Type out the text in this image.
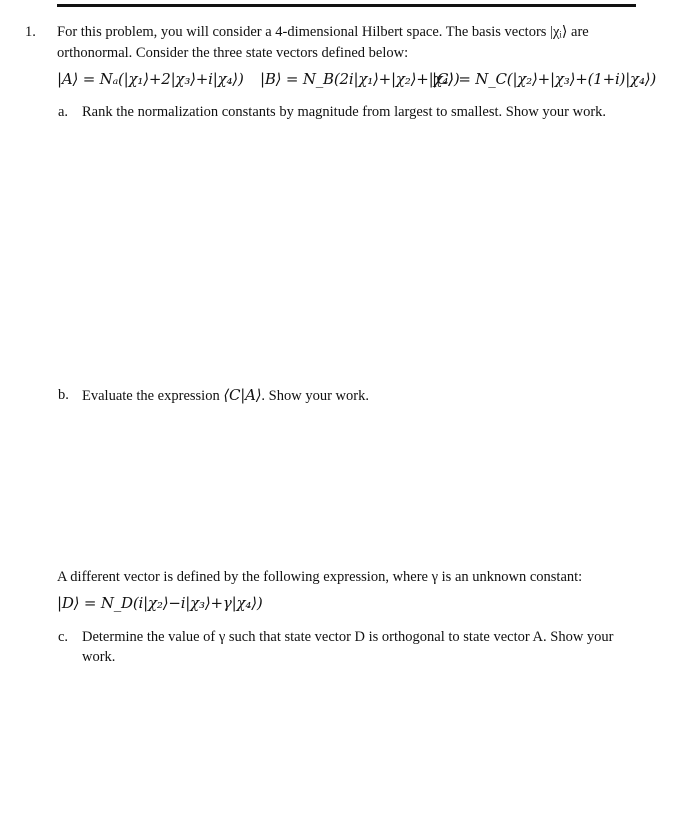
1. For this problem, you will consider a 4-dimensional Hilbert space. The basis vectors |χᵢ⟩ are
orthonormal. Consider the three state vectors defined below:
|A⟩ = Nₐ(|χ₁⟩+2|χ₃⟩+i|χ₄⟩) |B⟩ = N_B(2i|χ₁⟩+|χ₂⟩+|χ₄⟩)
|C⟩ = N_C(|χ₂⟩+|χ₃⟩+(1+i)|χ₄⟩)
a. Rank the normalization constants by magnitude from largest to smallest. Show your work.
b. Evaluate the expression ⟨C|A⟩. Show your work.
A different vector is defined by the following expression, where γ is an unknown constant:
|D⟩ = N_D(i|χ₂⟩−i|χ₃⟩+γ|χ₄⟩)
c. Determine the value of γ such that state vector D is orthogonal to state vector A. Show your work.
